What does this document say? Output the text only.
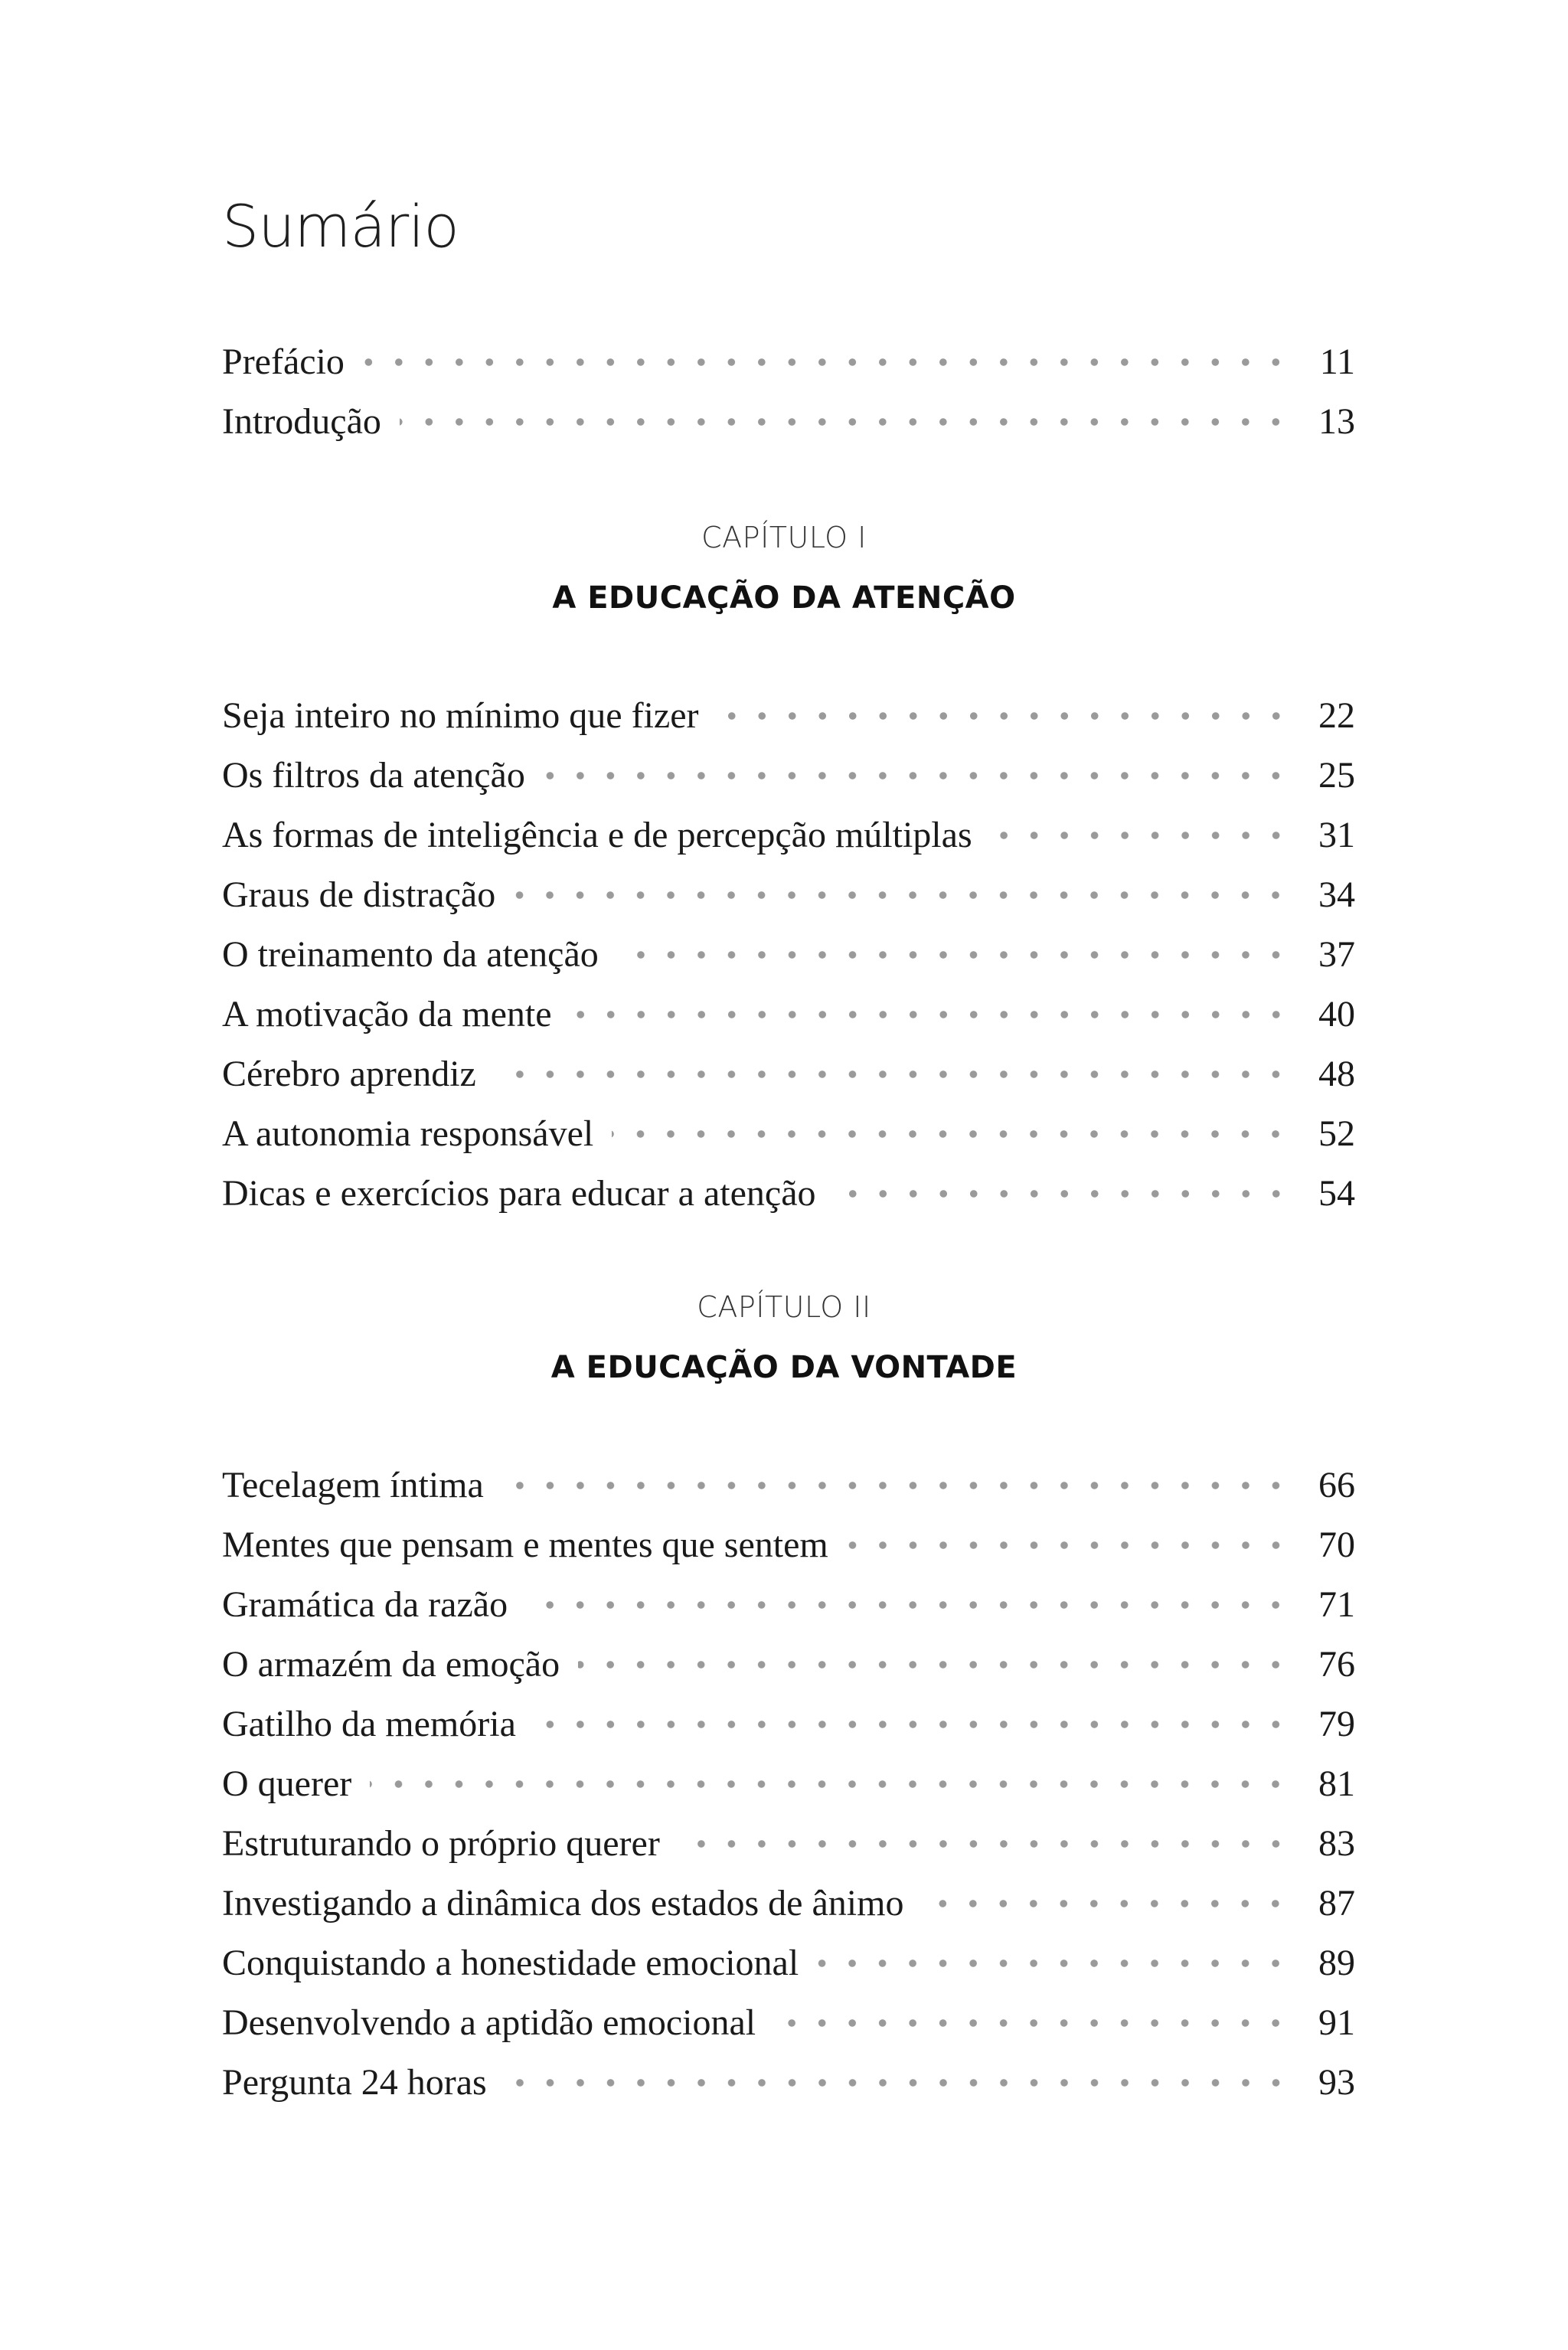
Sumário
Prefácio	11
Introdução	13
CAPÍTULO I
A EDUCAÇÃO DA ATENÇÃO
Seja inteiro no mínimo que fizer	22
Os filtros da atenção	25
As formas de inteligência e de percepção múltiplas	31
Graus de distração	34
O treinamento da atenção	37
A motivação da mente	40
Cérebro aprendiz	48
A autonomia responsável	52
Dicas e exercícios para educar a atenção	54
CAPÍTULO II
A EDUCAÇÃO DA VONTADE
Tecelagem íntima	66
Mentes que pensam e mentes que sentem	70
Gramática da razão	71
O armazém da emoção	76
Gatilho da memória	79
O querer	81
Estruturando o próprio querer	83
Investigando a dinâmica dos estados de ânimo	87
Conquistando a honestidade emocional	89
Desenvolvendo a aptidão emocional	91
Pergunta 24 horas	93
